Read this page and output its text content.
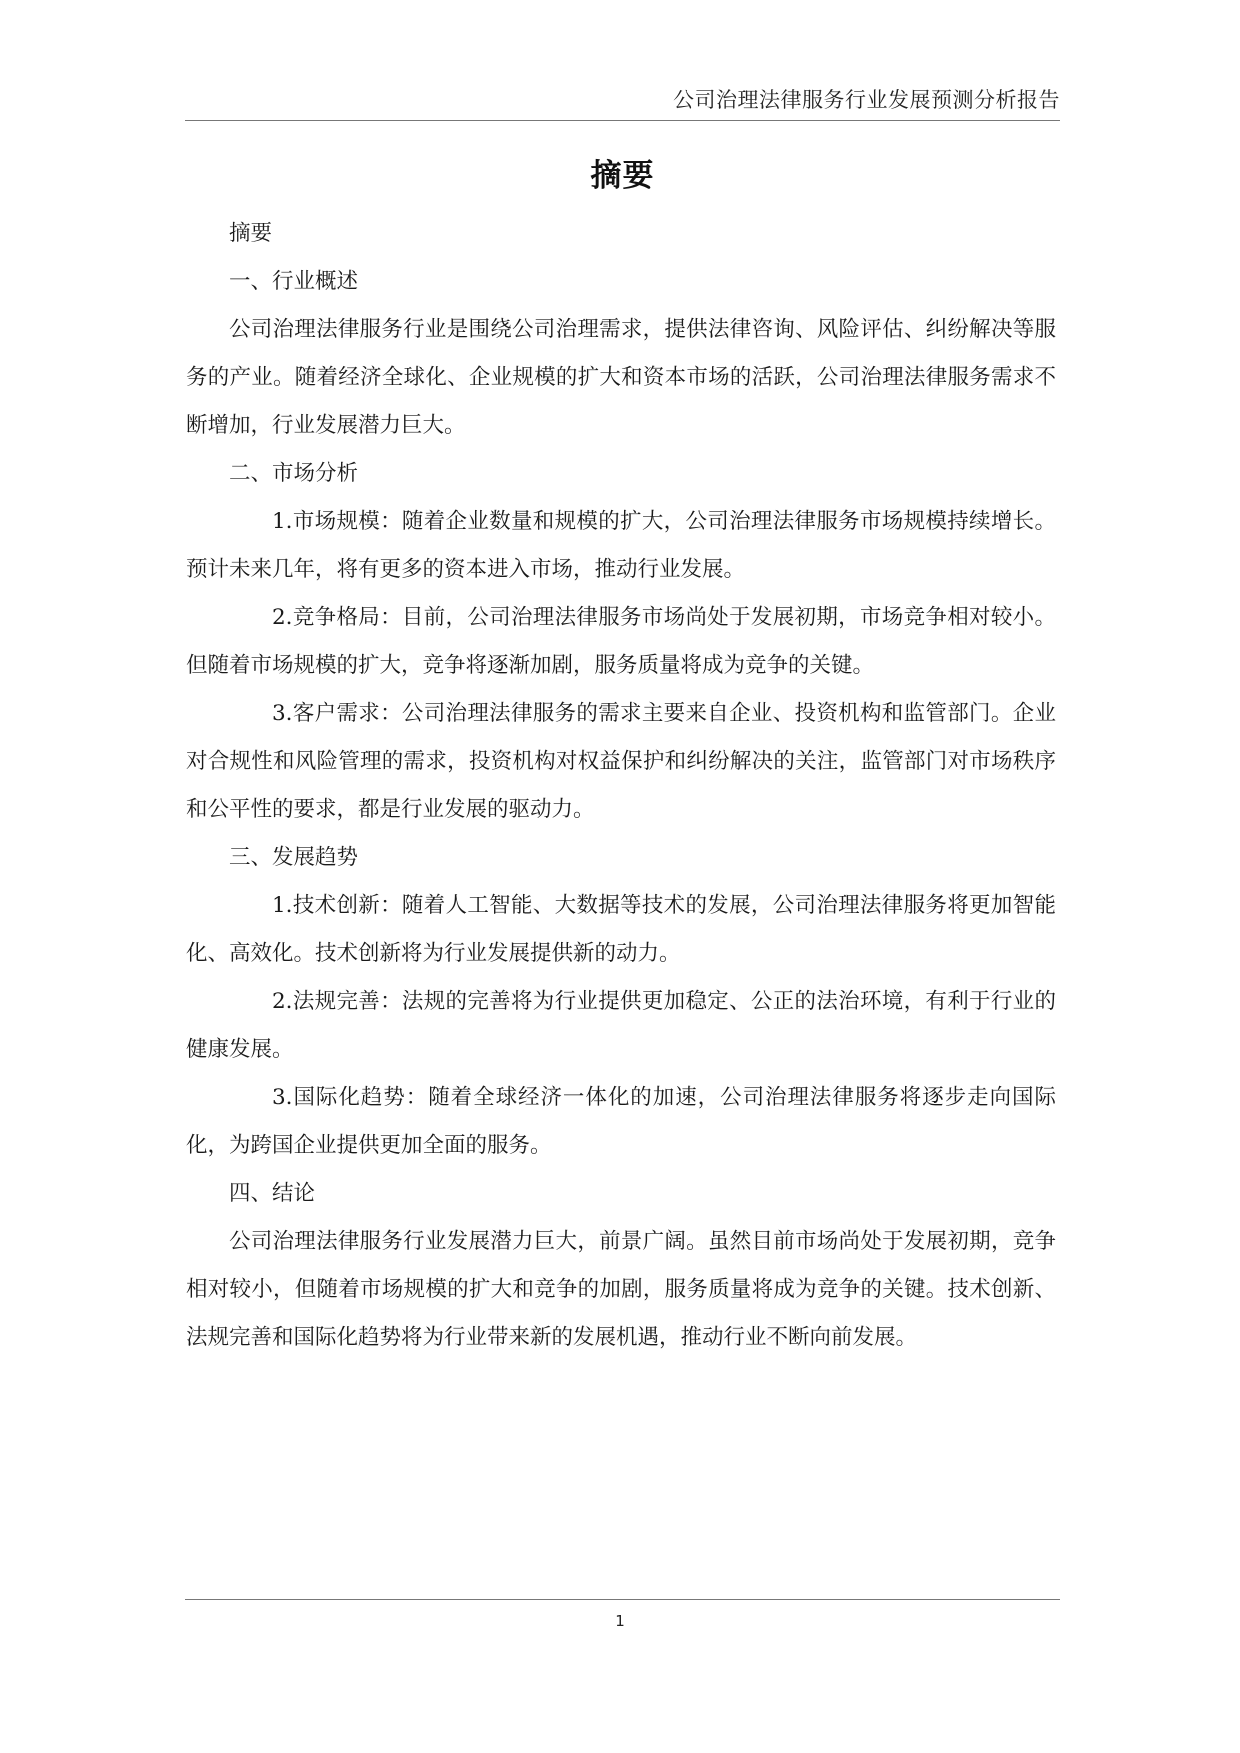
公司治理法律服务行业发展预测分析报告
摘要

摘要

一、行业概述

公司治理法律服务行业是围绕公司治理需求，提供法律咨询、风险评估、纠纷解决等服务的产业。随着经济全球化、企业规模的扩大和资本市场的活跃，公司治理法律服务需求不断增加，行业发展潜力巨大。

二、市场分析

1.市场规模：随着企业数量和规模的扩大，公司治理法律服务市场规模持续增长。预计未来几年，将有更多的资本进入市场，推动行业发展。

2.竞争格局：目前，公司治理法律服务市场尚处于发展初期，市场竞争相对较小。但随着市场规模的扩大，竞争将逐渐加剧，服务质量将成为竞争的关键。

3.客户需求：公司治理法律服务的需求主要来自企业、投资机构和监管部门。企业对合规性和风险管理的需求，投资机构对权益保护和纠纷解决的关注，监管部门对市场秩序和公平性的要求，都是行业发展的驱动力。

三、发展趋势

1.技术创新：随着人工智能、大数据等技术的发展，公司治理法律服务将更加智能化、高效化。技术创新将为行业发展提供新的动力。

2.法规完善：法规的完善将为行业提供更加稳定、公正的法治环境，有利于行业的健康发展。

3.国际化趋势：随着全球经济一体化的加速，公司治理法律服务将逐步走向国际化，为跨国企业提供更加全面的服务。

四、结论

公司治理法律服务行业发展潜力巨大，前景广阔。虽然目前市场尚处于发展初期，竞争相对较小，但随着市场规模的扩大和竞争的加剧，服务质量将成为竞争的关键。技术创新、法规完善和国际化趋势将为行业带来新的发展机遇，推动行业不断向前发展。

1
